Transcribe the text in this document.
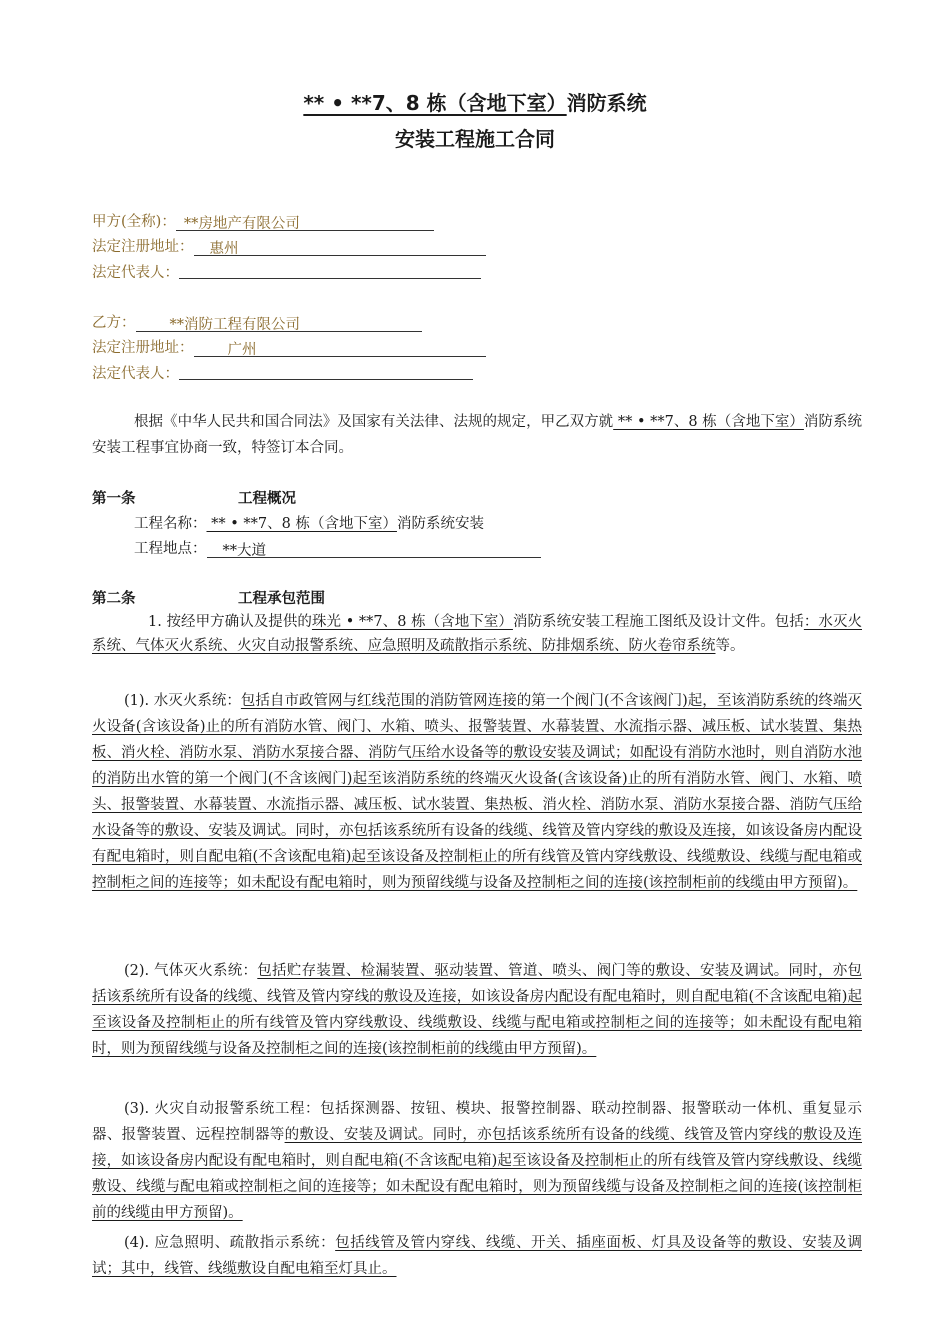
** • **7、8 栋（含地下室）消防系统
安装工程施工合同
甲方(全称)： **房地产有限公司
法定注册地址： 惠州
法定代表人：
乙方： **消防工程有限公司
法定注册地址： 广州
法定代表人：
根据《中华人民共和国合同法》及国家有关法律、法规的规定，甲乙双方就 ** • **7、8 栋（含地下室）消防系统安装工程事宜协商一致，特签订本合同。
第一条	工程概况
工程名称： ** • **7、8 栋（含地下室）消防系统安装
工程地点： **大道
第二条	工程承包范围
1. 按经甲方确认及提供的珠光 • **7、8 栋（含地下室）消防系统安装工程施工图纸及设计文件。包括：水灭火系统、气体灭火系统、火灾自动报警系统、应急照明及疏散指示系统、防排烟系统、防火卷帘系统等。
(1). 水灭火系统：包括自市政管网与红线范围的消防管网连接的第一个阀门(不含该阀门)起，至该消防系统的终端灭火设备(含该设备)止的所有消防水管、阀门、水箱、喷头、报警装置、水幕装置、水流指示器、减压板、试水装置、集热板、消火栓、消防水泵、消防水泵接合器、消防气压给水设备等的敷设安装及调试；如配设有消防水池时，则自消防水池的消防出水管的第一个阀门(不含该阀门)起至该消防系统的终端灭火设备(含该设备)止的所有消防水管、阀门、水箱、喷头、报警装置、水幕装置、水流指示器、减压板、试水装置、集热板、消火栓、消防水泵、消防水泵接合器、消防气压给水设备等的敷设、安装及调试。同时，亦包括该系统所有设备的线缆、线管及管内穿线的敷设及连接，如该设备房内配设有配电箱时，则自配电箱(不含该配电箱)起至该设备及控制柜止的所有线管及管内穿线敷设、线缆敷设、线缆与配电箱或控制柜之间的连接等；如未配设有配电箱时，则为预留线缆与设备及控制柜之间的连接(该控制柜前的线缆由甲方预留)。
(2). 气体灭火系统：包括贮存装置、检漏装置、驱动装置、管道、喷头、阀门等的敷设、安装及调试。同时，亦包括该系统所有设备的线缆、线管及管内穿线的敷设及连接，如该设备房内配设有配电箱时，则自配电箱(不含该配电箱)起至该设备及控制柜止的所有线管及管内穿线敷设、线缆敷设、线缆与配电箱或控制柜之间的连接等；如未配设有配电箱时，则为预留线缆与设备及控制柜之间的连接(该控制柜前的线缆由甲方预留)。
(3). 火灾自动报警系统工程：包括探测器、按钮、模块、报警控制器、联动控制器、报警联动一体机、重复显示器、报警装置、远程控制器等的敷设、安装及调试。同时，亦包括该系统所有设备的线缆、线管及管内穿线的敷设及连接，如该设备房内配设有配电箱时，则自配电箱(不含该配电箱)起至该设备及控制柜止的所有线管及管内穿线敷设、线缆敷设、线缆与配电箱或控制柜之间的连接等；如未配设有配电箱时，则为预留线缆与设备及控制柜之间的连接(该控制柜前的线缆由甲方预留)。
(4). 应急照明、疏散指示系统：包括线管及管内穿线、线缆、开关、插座面板、灯具及设备等的敷设、安装及调试；其中，线管、线缆敷设自配电箱至灯具止。
